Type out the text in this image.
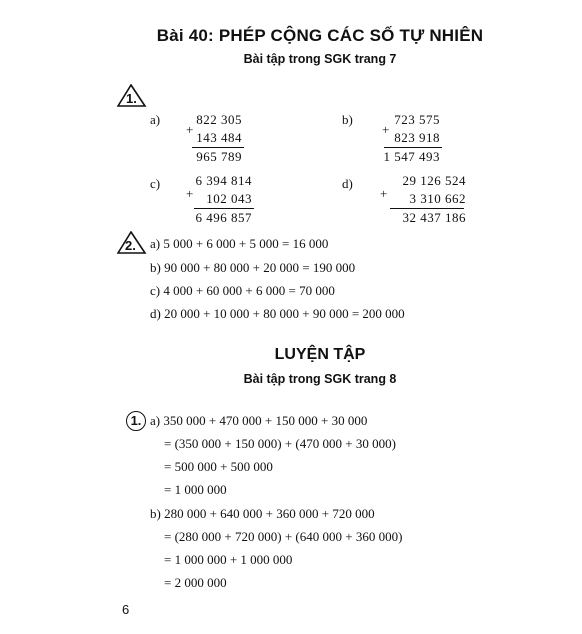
Bài 40: PHÉP CỘNG CÁC SỐ TỰ NHIÊN
Bài tập trong SGK trang 7
1.
a)
+
822 305
143 484
965 789
b)
+
723 575
823 918
1 547 493
c)
+
6 394 814
102 043
6 496 857
d)
+
29 126 524
3 310 662
32 437 186
2. a) 5 000 + 6 000 + 5 000 = 16 000
b) 90 000 + 80 000 + 20 000 = 190 000
c) 4 000 + 60 000 + 6 000 = 70 000
d) 20 000 + 10 000 + 80 000 + 90 000 = 200 000
LUYỆN TẬP
Bài tập trong SGK trang 8
1. a) 350 000 + 470 000 + 150 000 + 30 000
= (350 000 + 150 000) + (470 000 + 30 000)
= 500 000 + 500 000
= 1 000 000
b) 280 000 + 640 000 + 360 000 + 720 000
= (280 000 + 720 000) + (640 000 + 360 000)
= 1 000 000 + 1 000 000
= 2 000 000
6
